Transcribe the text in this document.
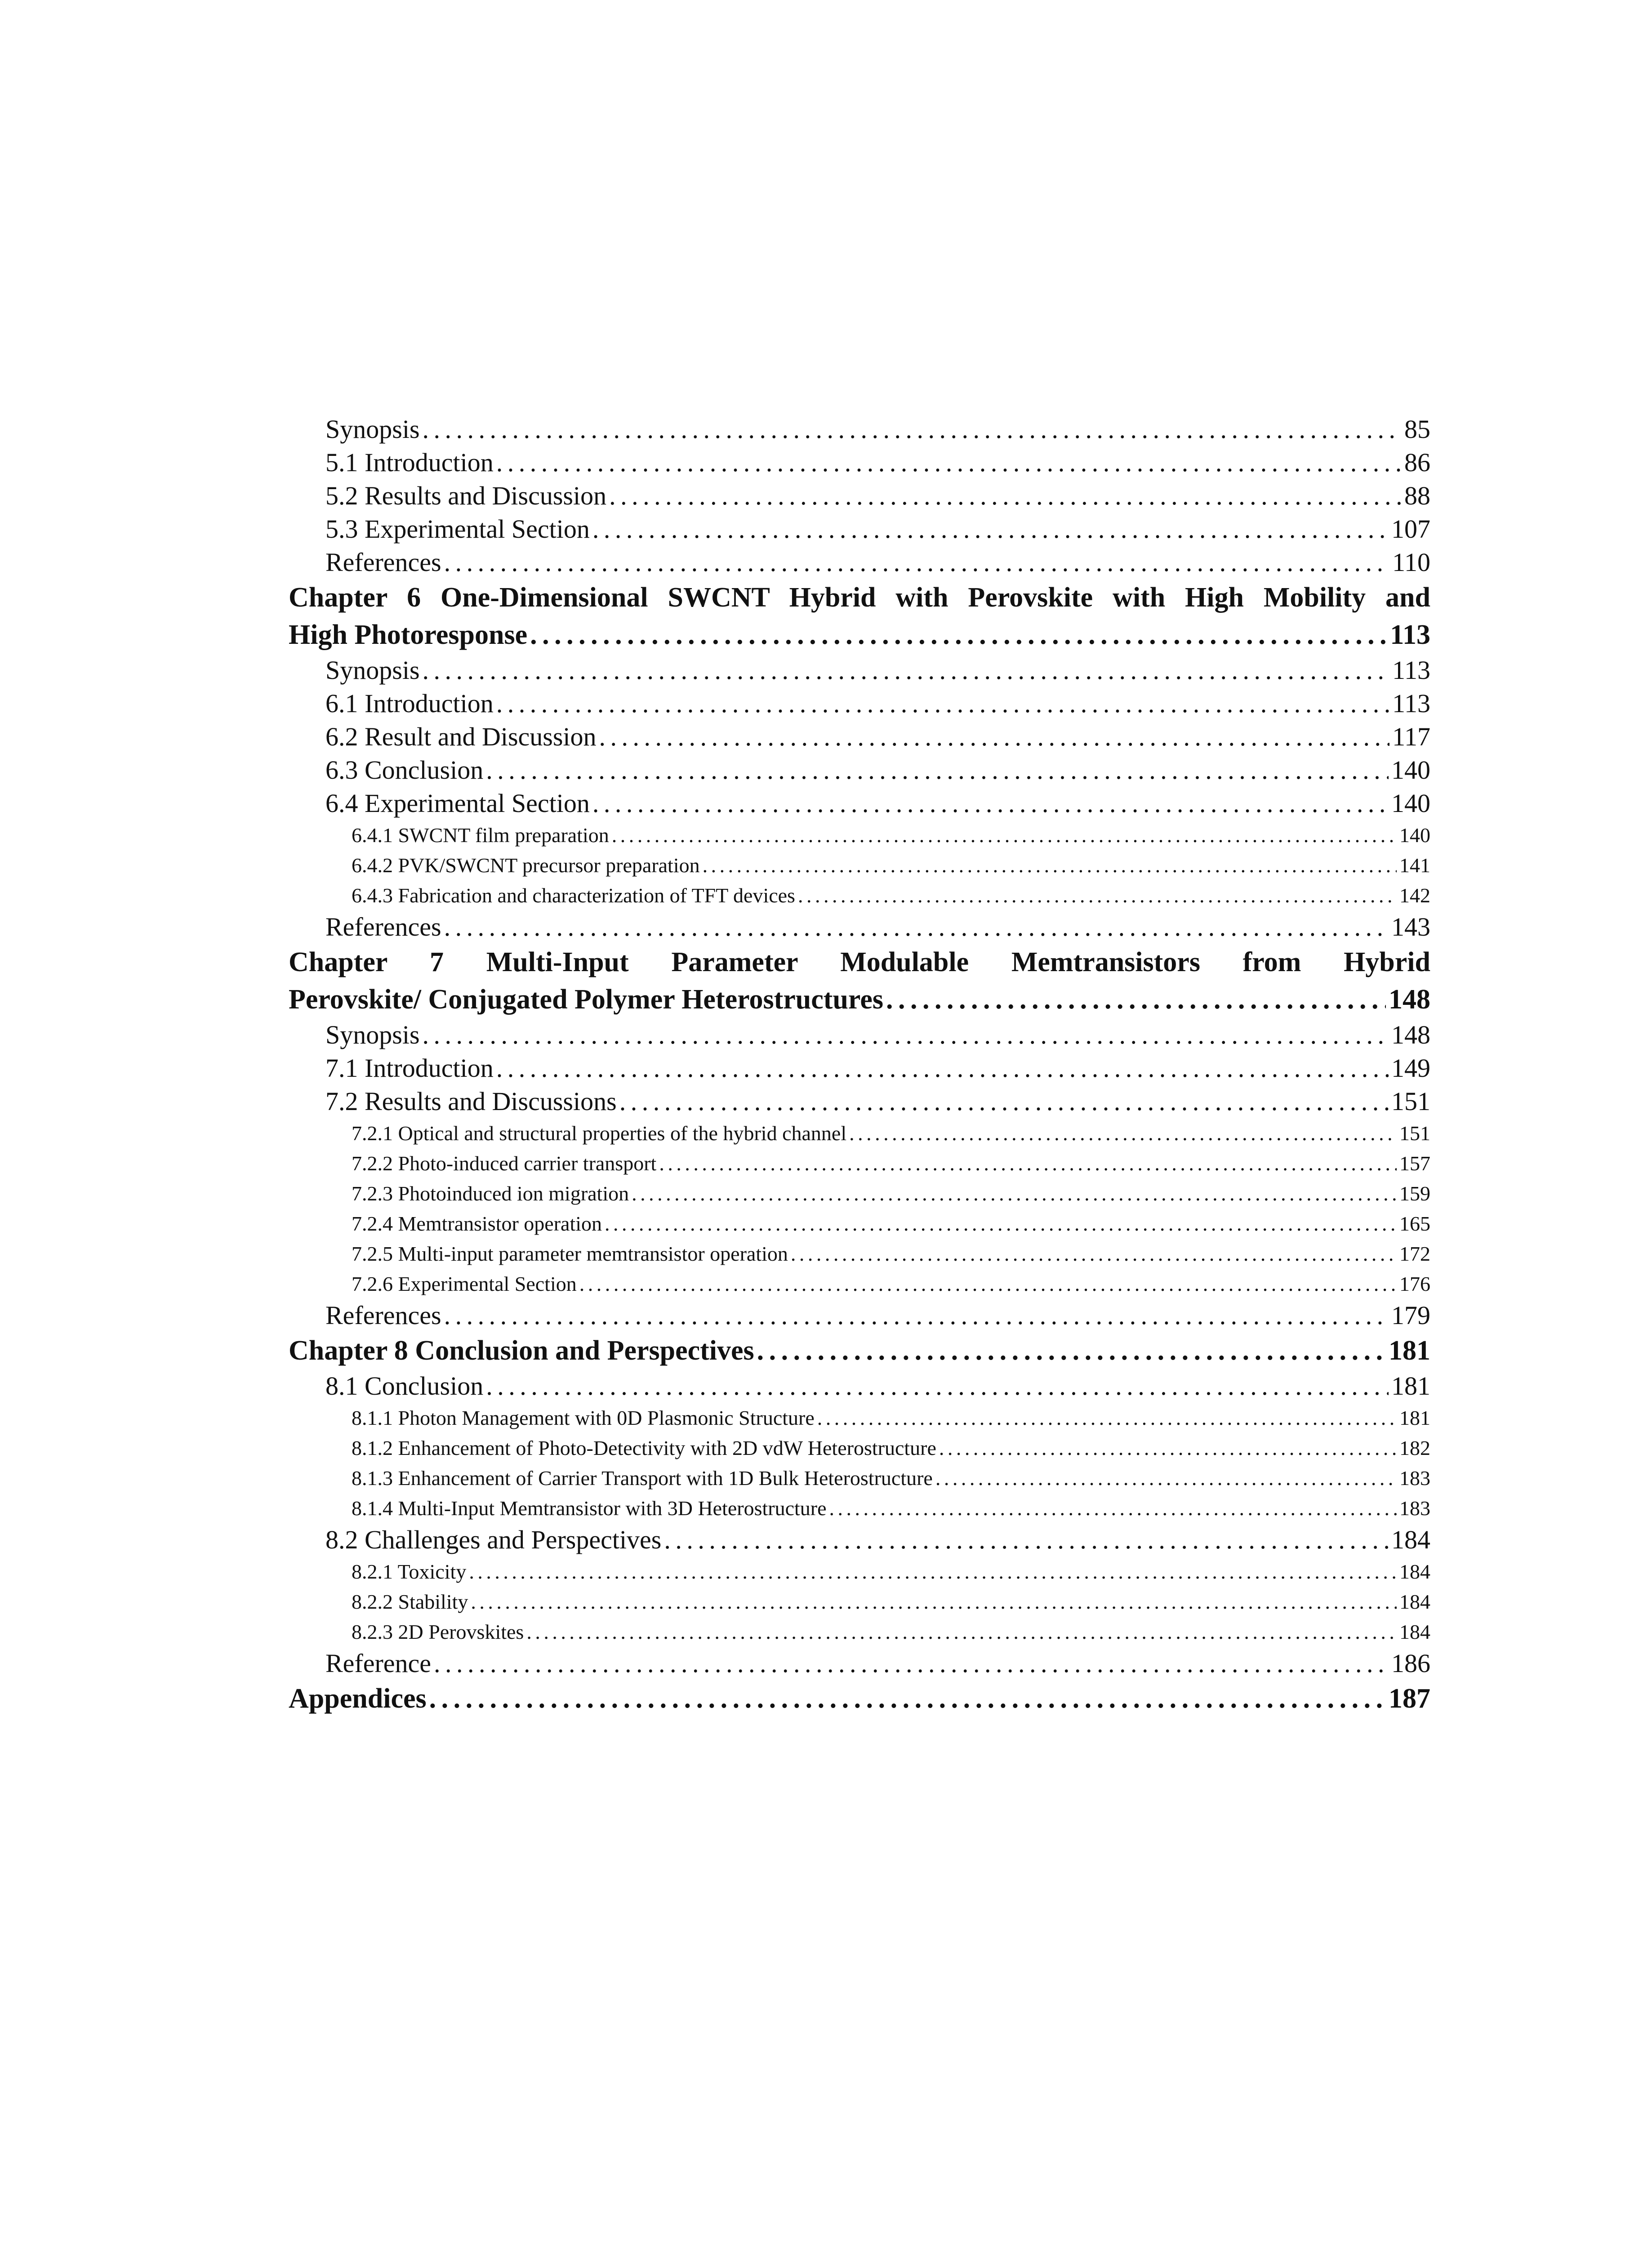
Synopsis . . .	85
5.1 Introduction . . .	86
5.2 Results and Discussion . . .	88
5.3 Experimental Section . . .	107
References . . .	110
Chapter 6 One-Dimensional SWCNT Hybrid with Perovskite with High Mobility and
High Photoresponse . . .	113
Synopsis . . .	113
6.1 Introduction . . .	113
6.2 Result and Discussion . . .	117
6.3 Conclusion . . .	140
6.4 Experimental Section . . .	140
6.4.1 SWCNT film preparation . . .	140
6.4.2 PVK/SWCNT precursor preparation . . .	141
6.4.3 Fabrication and characterization of TFT devices . . .	142
References . . .	143
Chapter 7 Multi-Input Parameter Modulable Memtransistors from Hybrid
Perovskite/ Conjugated Polymer Heterostructures . . .	148
Synopsis . . .	148
7.1 Introduction . . .	149
7.2 Results and Discussions . . .	151
7.2.1 Optical and structural properties of the hybrid channel . . .	151
7.2.2 Photo-induced carrier transport . . .	157
7.2.3 Photoinduced ion migration . . .	159
7.2.4 Memtransistor operation . . .	165
7.2.5 Multi-input parameter memtransistor operation . . .	172
7.2.6 Experimental Section . . .	176
References . . .	179
Chapter 8 Conclusion and Perspectives . . .	181
8.1 Conclusion . . .	181
8.1.1 Photon Management with 0D Plasmonic Structure . . .	181
8.1.2 Enhancement of Photo-Detectivity with 2D vdW Heterostructure . . .	182
8.1.3 Enhancement of Carrier Transport with 1D Bulk Heterostructure . . .	183
8.1.4 Multi-Input Memtransistor with 3D Heterostructure . . .	183
8.2 Challenges and Perspectives . . .	184
8.2.1 Toxicity . . .	184
8.2.2 Stability . . .	184
8.2.3 2D Perovskites . . .	184
Reference . . .	186
Appendices . . .	187
